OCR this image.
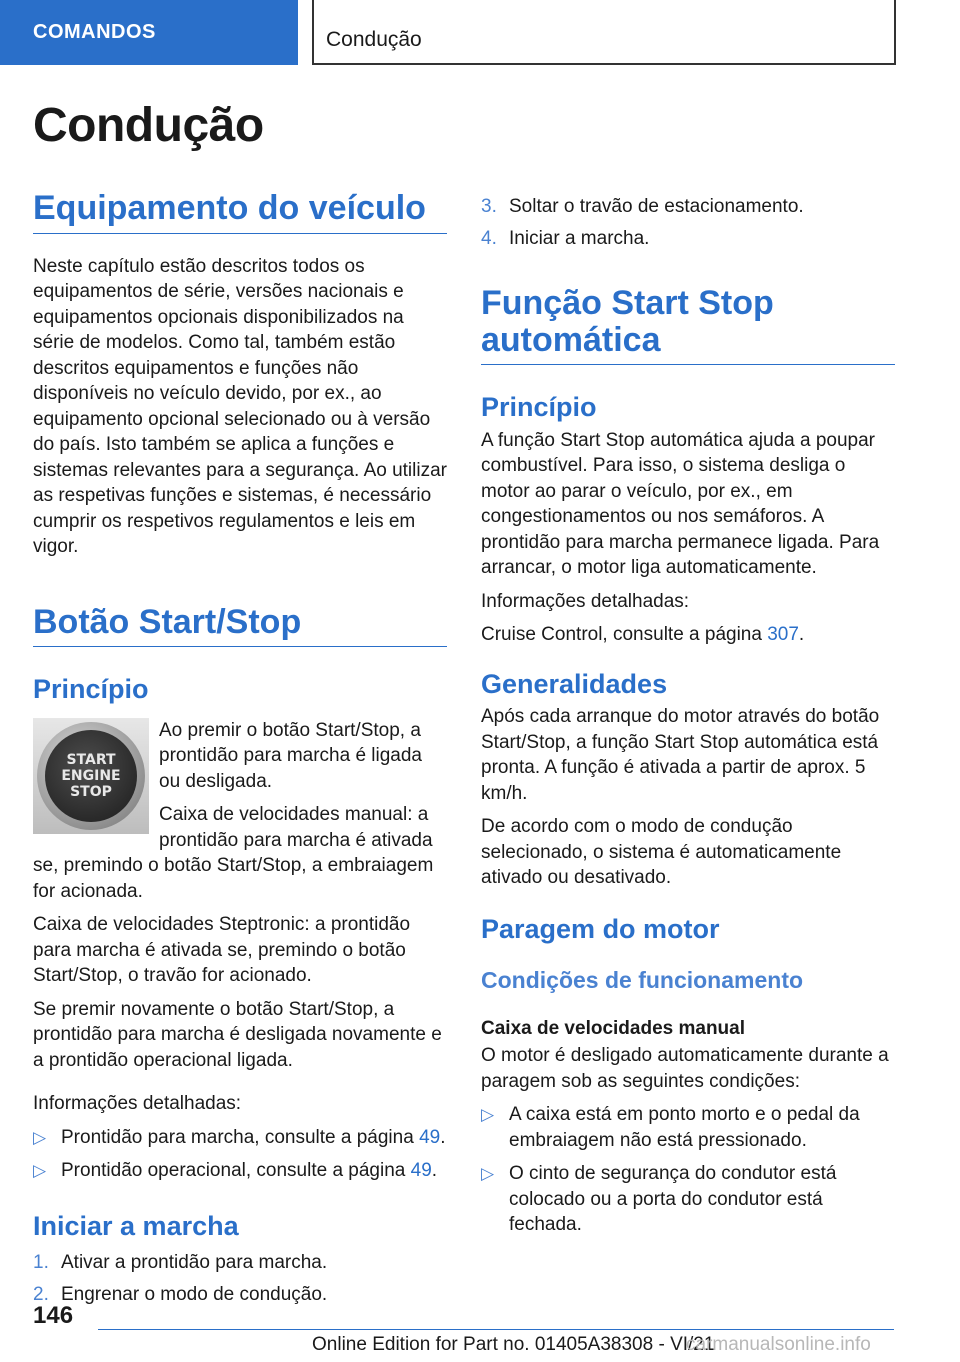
COMANDOS	Condução
Condução
Equipamento do veículo

Neste capítulo estão descritos todos os equipamentos de série, versões nacionais e equipamentos opcionais disponibilizados na série de modelos. Como tal, também estão descritos equipamentos e funções não disponíveis no veículo devido, por ex., ao equipamento opcional selecionado ou à versão do país. Isto também se aplica a funções e sistemas relevantes para a segurança. Ao utilizar as respetivas funções e sistemas, é necessário cumprir os respetivos regulamentos e leis em vigor.

Botão Start/Stop
Princípio
START
ENGINE
STOP

Ao premir o botão Start/Stop, a prontidão para marcha é ligada ou desligada.

Caixa de velocidades manual: a prontidão para marcha é ativada se, premindo o botão Start/Stop, a embraiagem for acionada.

Caixa de velocidades Steptronic: a prontidão para marcha é ativada se, premindo o botão Start/Stop, o travão for acionado.

Se premir novamente o botão Start/Stop, a prontidão para marcha é desligada novamente e a prontidão operacional ligada.

Informações detalhadas:

▷ Prontidão para marcha, consulte a página 49.
▷ Prontidão operacional, consulte a página 49.
Iniciar a marcha
1. Ativar a prontidão para marcha.
2. Engrenar o modo de condução.
3. Soltar o travão de estacionamento.
4. Iniciar a marcha.
Função Start Stop automática
Princípio

A função Start Stop automática ajuda a poupar combustível. Para isso, o sistema desliga o motor ao parar o veículo, por ex., em congestionamentos ou nos semáforos. A prontidão para marcha permanece ligada. Para arrancar, o motor liga automaticamente.

Informações detalhadas:

Cruise Control, consulte a página 307.

Generalidades

Após cada arranque do motor através do botão Start/Stop, a função Start Stop automática está pronta. A função é ativada a partir de aprox. 5 km/h.

De acordo com o modo de condução selecionado, o sistema é automaticamente ativado ou desativado.

Paragem do motor
Condições de funcionamento
Caixa de velocidades manual

O motor é desligado automaticamente durante a paragem sob as seguintes condições:

▷ A caixa está em ponto morto e o pedal da embraiagem não está pressionado.
▷ O cinto de segurança do condutor está colocado ou a porta do condutor está fechada.
146
Online Edition for Part no. 01405A38308 - VI/21
carmanualsonline.info
